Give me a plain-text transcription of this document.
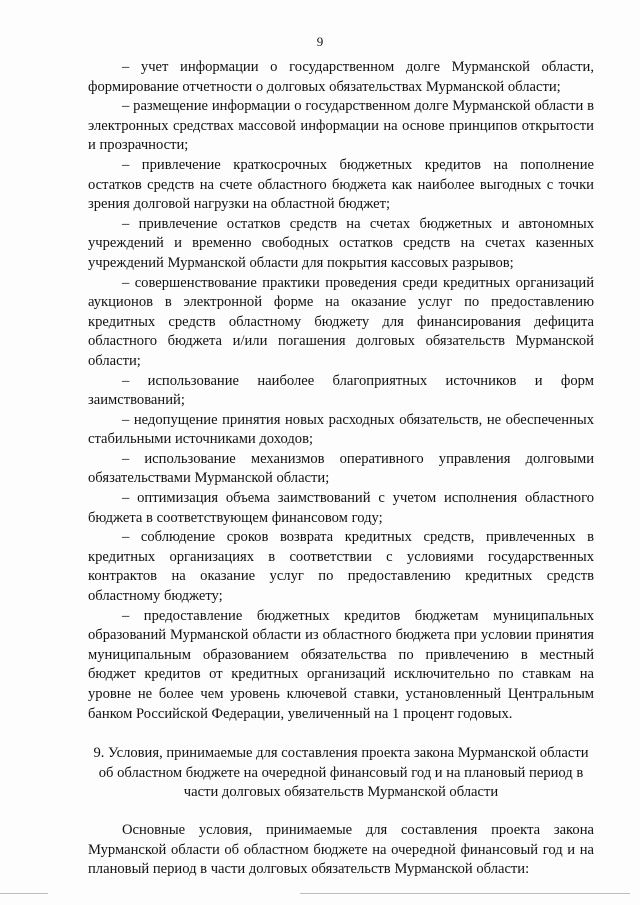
9

– учет информации о государственном долге Мурманской области, формирование отчетности о долговых обязательствах Мурманской области;

– размещение информации о государственном долге Мурманской области в электронных средствах массовой информации на основе принципов открытости и прозрачности;

– привлечение краткосрочных бюджетных кредитов на пополнение остатков средств на счете областного бюджета как наиболее выгодных с точки зрения долговой нагрузки на областной бюджет;

– привлечение остатков средств на счетах бюджетных и автономных учреждений и временно свободных остатков средств на счетах казенных учреждений Мурманской области для покрытия кассовых разрывов;

– совершенствование практики проведения среди кредитных организаций аукционов в электронной форме на оказание услуг по предоставлению кредитных средств областному бюджету для финансирования дефицита областного бюджета и/или погашения долговых обязательств Мурманской области;

– использование наиболее благоприятных источников и форм заимствований;

– недопущение принятия новых расходных обязательств, не обеспеченных стабильными источниками доходов;

– использование механизмов оперативного управления долговыми обязательствами Мурманской области;

– оптимизация объема заимствований с учетом исполнения областного бюджета в соответствующем финансовом году;

– соблюдение сроков возврата кредитных средств, привлеченных в кредитных организациях в соответствии с условиями государственных контрактов на оказание услуг по предоставлению кредитных средств областному бюджету;

– предоставление бюджетных кредитов бюджетам муниципальных образований Мурманской области из областного бюджета при условии принятия муниципальным образованием обязательства по привлечению в местный бюджет кредитов от кредитных организаций исключительно по ставкам на уровне не более чем уровень ключевой ставки, установленный Центральным банком Российской Федерации, увеличенный на 1 процент годовых.

9. Условия, принимаемые для составления проекта закона Мурманской области об областном бюджете на очередной финансовый год и на плановый период в части долговых обязательств Мурманской области

Основные условия, принимаемые для составления проекта закона Мурманской области об областном бюджете на очередной финансовый год и на плановый период в части долговых обязательств Мурманской области:
